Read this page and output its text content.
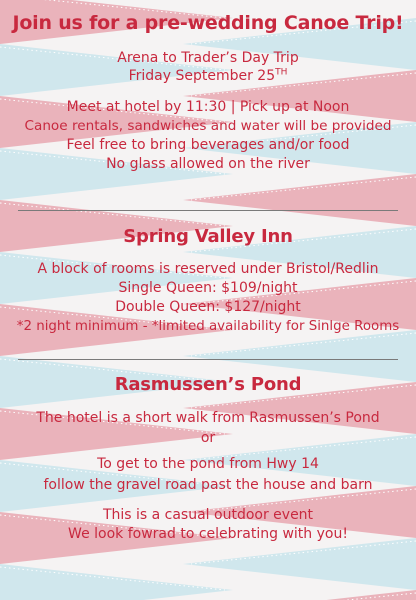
Join us for a pre-wedding Canoe Trip!

Arena to Trader’s Day Trip

Friday September 25TH

Meet at hotel by 11:30 | Pick up at Noon

Canoe rentals, sandwiches and water will be provided

Feel free to bring beverages and/or food

No glass allowed on the river

Spring Valley Inn

A block of rooms is reserved under Bristol/Redlin

Single Queen: $109/night

Double Queen: $127/night

*2 night minimum - *limited availability for Sinlge Rooms

Rasmussen’s Pond

The hotel is a short walk from Rasmussen’s Pond

or

To get to the pond from Hwy 14

follow the gravel road past the house and barn

This is a casual outdoor event

We look fowrad to celebrating with you!
